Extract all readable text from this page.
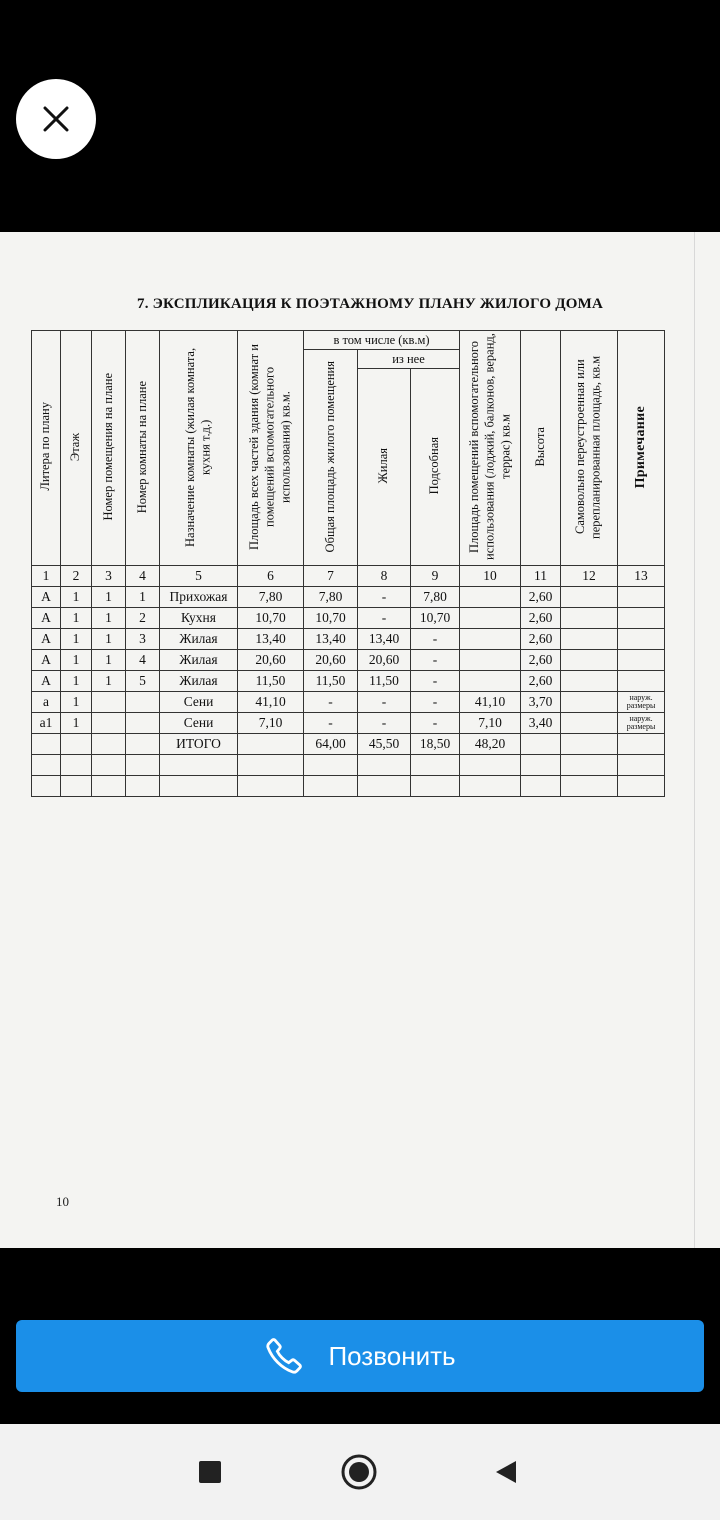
7. ЭКСПЛИКАЦИЯ К ПОЭТАЖНОМУ ПЛАНУ ЖИЛОГО ДОМА
Литера по плану	Этаж	Номер помещения на плане	Номер комнаты на плане	Назначение комнаты (жилая комната, кухня т.д.)	Площадь всех частей здания (комнат и помещений вспомогательного использования) кв.м.	в том числе (кв.м)			Площадь помещений вспомогательного использования (лоджий, балконов, веранд, террас) кв.м	Высота	Самовольно переустроенная или перепланированная площадь, кв.м	Примечание
						Общая площадь жилого помещения	из нее					
							Жилая	Подсобная				
1	2	3	4	5	6	7	8	9	10	11	12	13
А	1	1	1	Прихожая	7,80	7,80	-	7,80		2,60		
А	1	1	2	Кухня	10,70	10,70	-	10,70		2,60		
А	1	1	3	Жилая	13,40	13,40	13,40	-		2,60		
А	1	1	4	Жилая	20,60	20,60	20,60	-		2,60		
А	1	1	5	Жилая	11,50	11,50	11,50	-		2,60		
а	1			Сени	41,10	-	-	-	41,10	3,70		наруж. размеры
а1	1			Сени	7,10	-	-	-	7,10	3,40		наруж. размеры
				ИТОГО		64,00	45,50	18,50	48,20			

10
Позвонить
